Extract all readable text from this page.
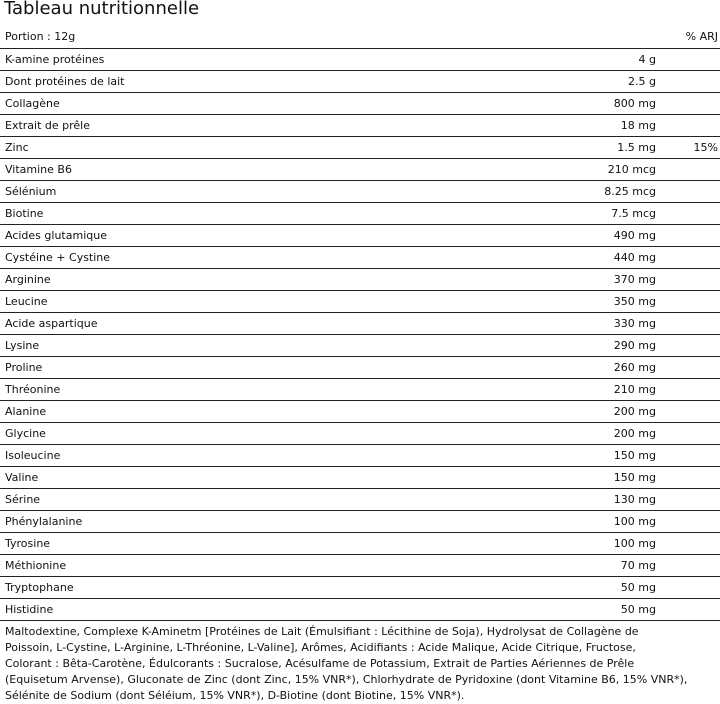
Tableau nutritionnelle
Portion : 12g	% ARJ
K-amine protéines	4 g
Dont protéines de lait	2.5 g
Collagène	800 mg
Extrait de prêle	18 mg
Zinc	1.5 mg	15%
Vitamine B6	210 mcg
Sélénium	8.25 mcg
Biotine	7.5 mcg
Acides glutamique	490 mg
Cystéine + Cystine	440 mg
Arginine	370 mg
Leucine	350 mg
Acide aspartique	330 mg
Lysine	290 mg
Proline	260 mg
Thréonine	210 mg
Alanine	200 mg
Glycine	200 mg
Isoleucine	150 mg
Valine	150 mg
Sérine	130 mg
Phénylalanine	100 mg
Tyrosine	100 mg
Méthionine	70 mg
Tryptophane	50 mg
Histidine	50 mg

Maltodextine, Complexe K-Aminetm [Protéines de Lait (Émulsifiant : Lécithine de Soja), Hydrolysat de Collagène de
Poissoin, L-Cystine, L-Arginine, L-Thréonine, L-Valine], Arômes, Acidifiants : Acide Malique, Acide Citrique, Fructose,
Colorant : Bêta-Carotène, Édulcorants : Sucralose, Acésulfame de Potassium, Extrait de Parties Aériennes de Prêle
(Equisetum Arvense), Gluconate de Zinc (dont Zinc, 15% VNR*), Chlorhydrate de Pyridoxine (dont Vitamine B6, 15% VNR*),
Sélénite de Sodium (dont Séléium, 15% VNR*), D-Biotine (dont Biotine, 15% VNR*).
